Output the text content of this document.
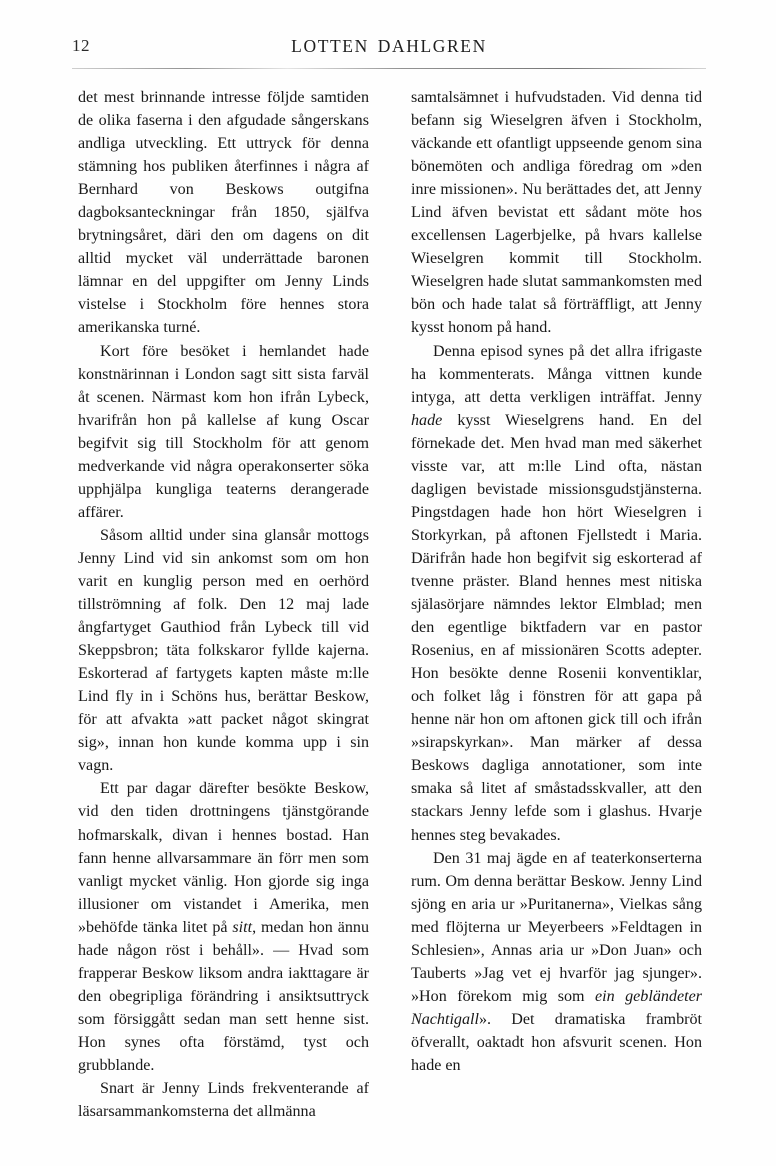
12	LOTTEN DAHLGREN

det mest brinnande intresse följde samtiden de olika faserna i den afgudade sångerskans andliga utveckling. Ett uttryck för denna stämning hos publiken återfinnes i några af Bernhard von Beskows outgifna dagboksanteckningar från 1850, själfva brytningsåret, däri den om dagens on dit alltid mycket väl underrättade baronen lämnar en del uppgifter om Jenny Linds vistelse i Stockholm före hennes stora amerikanska turné.

Kort före besöket i hemlandet hade konstnärinnan i London sagt sitt sista farväl åt scenen. Närmast kom hon ifrån Lybeck, hvarifrån hon på kallelse af kung Oscar begifvit sig till Stockholm för att genom medverkande vid några operakonserter söka upphjälpa kungliga teaterns derangerade affärer.

Såsom alltid under sina glansår mottogs Jenny Lind vid sin ankomst som om hon varit en kunglig person med en oerhörd tillströmning af folk. Den 12 maj lade ångfartyget Gauthiod från Lybeck till vid Skeppsbron; täta folkskaror fyllde kajerna. Eskorterad af fartygets kapten måste m:lle Lind fly in i Schöns hus, berättar Beskow, för att afvakta »att packet något skingrat sig», innan hon kunde komma upp i sin vagn.

Ett par dagar därefter besökte Beskow, vid den tiden drottningens tjänstgörande hofmarskalk, divan i hennes bostad. Han fann henne allvarsammare än förr men som vanligt mycket vänlig. Hon gjorde sig inga illusioner om vistandet i Amerika, men »behöfde tänka litet på sitt, medan hon ännu hade någon röst i behåll». — Hvad som frapperar Beskow liksom andra iakttagare är den obegripliga förändring i ansiktsuttryck som försiggått sedan man sett henne sist. Hon synes ofta förstämd, tyst och grubblande.

Snart är Jenny Linds frekventerande af läsarsammankomsterna det allmänna

samtalsämnet i hufvudstaden. Vid denna tid befann sig Wieselgren äfven i Stockholm, väckande ett ofantligt uppseende genom sina bönemöten och andliga föredrag om »den inre missionen». Nu berättades det, att Jenny Lind äfven bevistat ett sådant möte hos excellensen Lagerbjelke, på hvars kallelse Wieselgren kommit till Stockholm. Wieselgren hade slutat sammankomsten med bön och hade talat så förträffligt, att Jenny kysst honom på hand.

Denna episod synes på det allra ifrigaste ha kommenterats. Många vittnen kunde intyga, att detta verkligen inträffat. Jenny hade kysst Wieselgrens hand. En del förnekade det. Men hvad man med säkerhet visste var, att m:lle Lind ofta, nästan dagligen bevistade missionsgudstjänsterna. Pingstdagen hade hon hört Wieselgren i Storkyrkan, på aftonen Fjellstedt i Maria. Därifrån hade hon begifvit sig eskorterad af tvenne präster. Bland hennes mest nitiska själasörjare nämndes lektor Elmblad; men den egentlige biktfadern var en pastor Rosenius, en af missionären Scotts adepter. Hon besökte denne Rosenii konventiklar, och folket låg i fönstren för att gapa på henne när hon om aftonen gick till och ifrån »sirapskyrkan». Man märker af dessa Beskows dagliga annotationer, som inte smaka så litet af småstadsskvaller, att den stackars Jenny lefde som i glashus. Hvarje hennes steg bevakades.

Den 31 maj ägde en af teaterkonserterna rum. Om denna berättar Beskow. Jenny Lind sjöng en aria ur »Puritanerna», Vielkas sång med flöjterna ur Meyerbeers »Feldtagen in Schlesien», Annas aria ur »Don Juan» och Tauberts »Jag vet ej hvarför jag sjunger». »Hon förekom mig som ein gebländeter Nachtigall». Det dramatiska frambröt öfverallt, oaktadt hon afsvurit scenen. Hon hade en
